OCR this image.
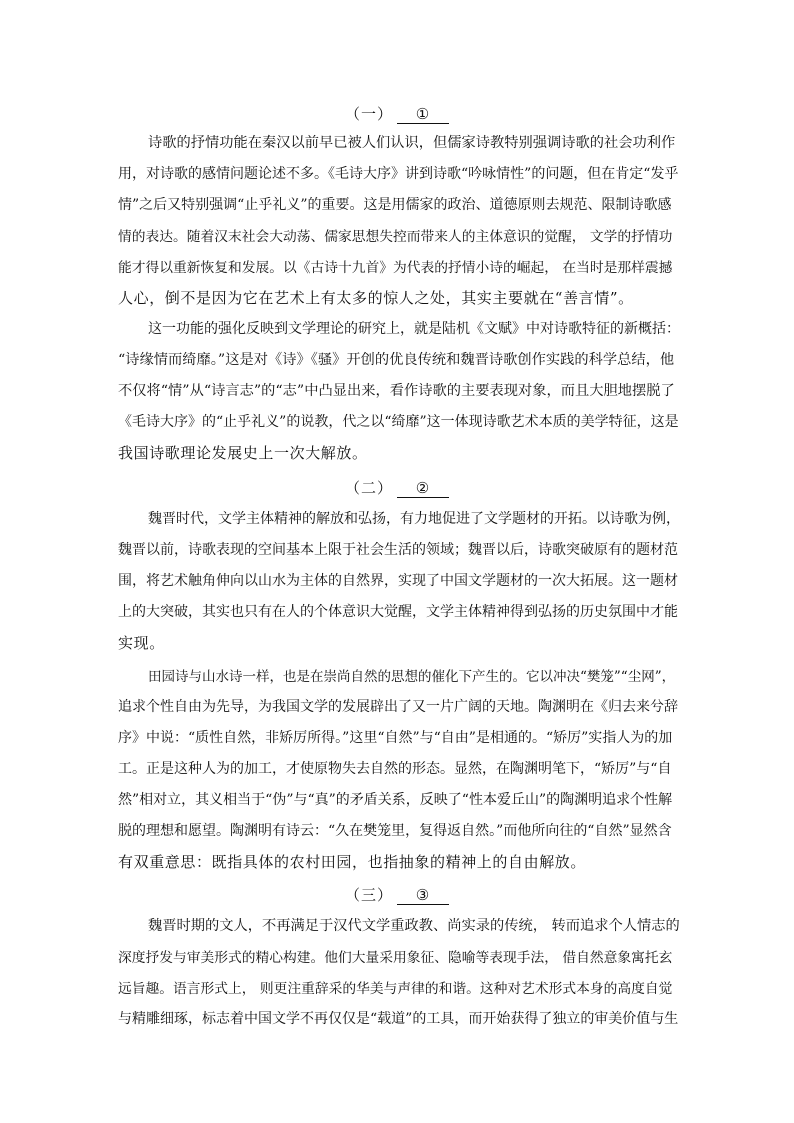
（一） ①
诗歌的抒情功能在秦汉以前早已被人们认识，但儒家诗教特别强调诗歌的社会功利作
用，对诗歌的感情问题论述不多。《毛诗大序》讲到诗歌“吟咏情性”的问题，但在肯定“发乎
情”之后又特别强调“止乎礼义”的重要。这是用儒家的政治、道德原则去规范、限制诗歌感
情的表达。随着汉末社会大动荡、儒家思想失控而带来人的主体意识的觉醒， 文学的抒情功
能才得以重新恢复和发展。以《古诗十九首》为代表的抒情小诗的崛起， 在当时是那样震撼
人心，倒不是因为它在艺术上有太多的惊人之处，其实主要就在“善言情”。
这一功能的强化反映到文学理论的研究上，就是陆机《文赋》中对诗歌特征的新概括：
“诗缘情而绮靡。”这是对《诗》《骚》开创的优良传统和魏晋诗歌创作实践的科学总结，他
不仅将“情”从“诗言志”的“志”中凸显出来，看作诗歌的主要表现对象，而且大胆地摆脱了
《毛诗大序》的“止乎礼义”的说教，代之以“绮靡”这一体现诗歌艺术本质的美学特征，这是
我国诗歌理论发展史上一次大解放。
（二） ②
魏晋时代，文学主体精神的解放和弘扬，有力地促进了文学题材的开拓。以诗歌为例，
魏晋以前，诗歌表现的空间基本上限于社会生活的领域；魏晋以后，诗歌突破原有的题材范
围，将艺术触角伸向以山水为主体的自然界，实现了中国文学题材的一次大拓展。这一题材
上的大突破，其实也只有在人的个体意识大觉醒，文学主体精神得到弘扬的历史氛围中才能
实现。
田园诗与山水诗一样，也是在崇尚自然的思想的催化下产生的。它以冲决“樊笼”“尘网”，
追求个性自由为先导，为我国文学的发展辟出了又一片广阔的天地。陶渊明在《归去来兮辞
序》中说：“质性自然，非矫厉所得。”这里“自然”与“自由”是相通的。“矫厉”实指人为的加
工。正是这种人为的加工，才使原物失去自然的形态。显然，在陶渊明笔下，“矫厉”与“自
然”相对立，其义相当于“伪”与“真”的矛盾关系，反映了“性本爱丘山”的陶渊明追求个性解
脱的理想和愿望。陶渊明有诗云：“久在樊笼里，复得返自然。”而他所向往的“自然”显然含
有双重意思：既指具体的农村田园，也指抽象的精神上的自由解放。
（三） ③
魏晋时期的文人，不再满足于汉代文学重政教、尚实录的传统， 转而追求个人情志的
深度抒发与审美形式的精心构建。他们大量采用象征、隐喻等表现手法， 借自然意象寓托玄
远旨趣。语言形式上， 则更注重辞采的华美与声律的和谐。这种对艺术形式本身的高度自觉
与精雕细琢，标志着中国文学不再仅仅是“载道”的工具，而开始获得了独立的审美价值与生
